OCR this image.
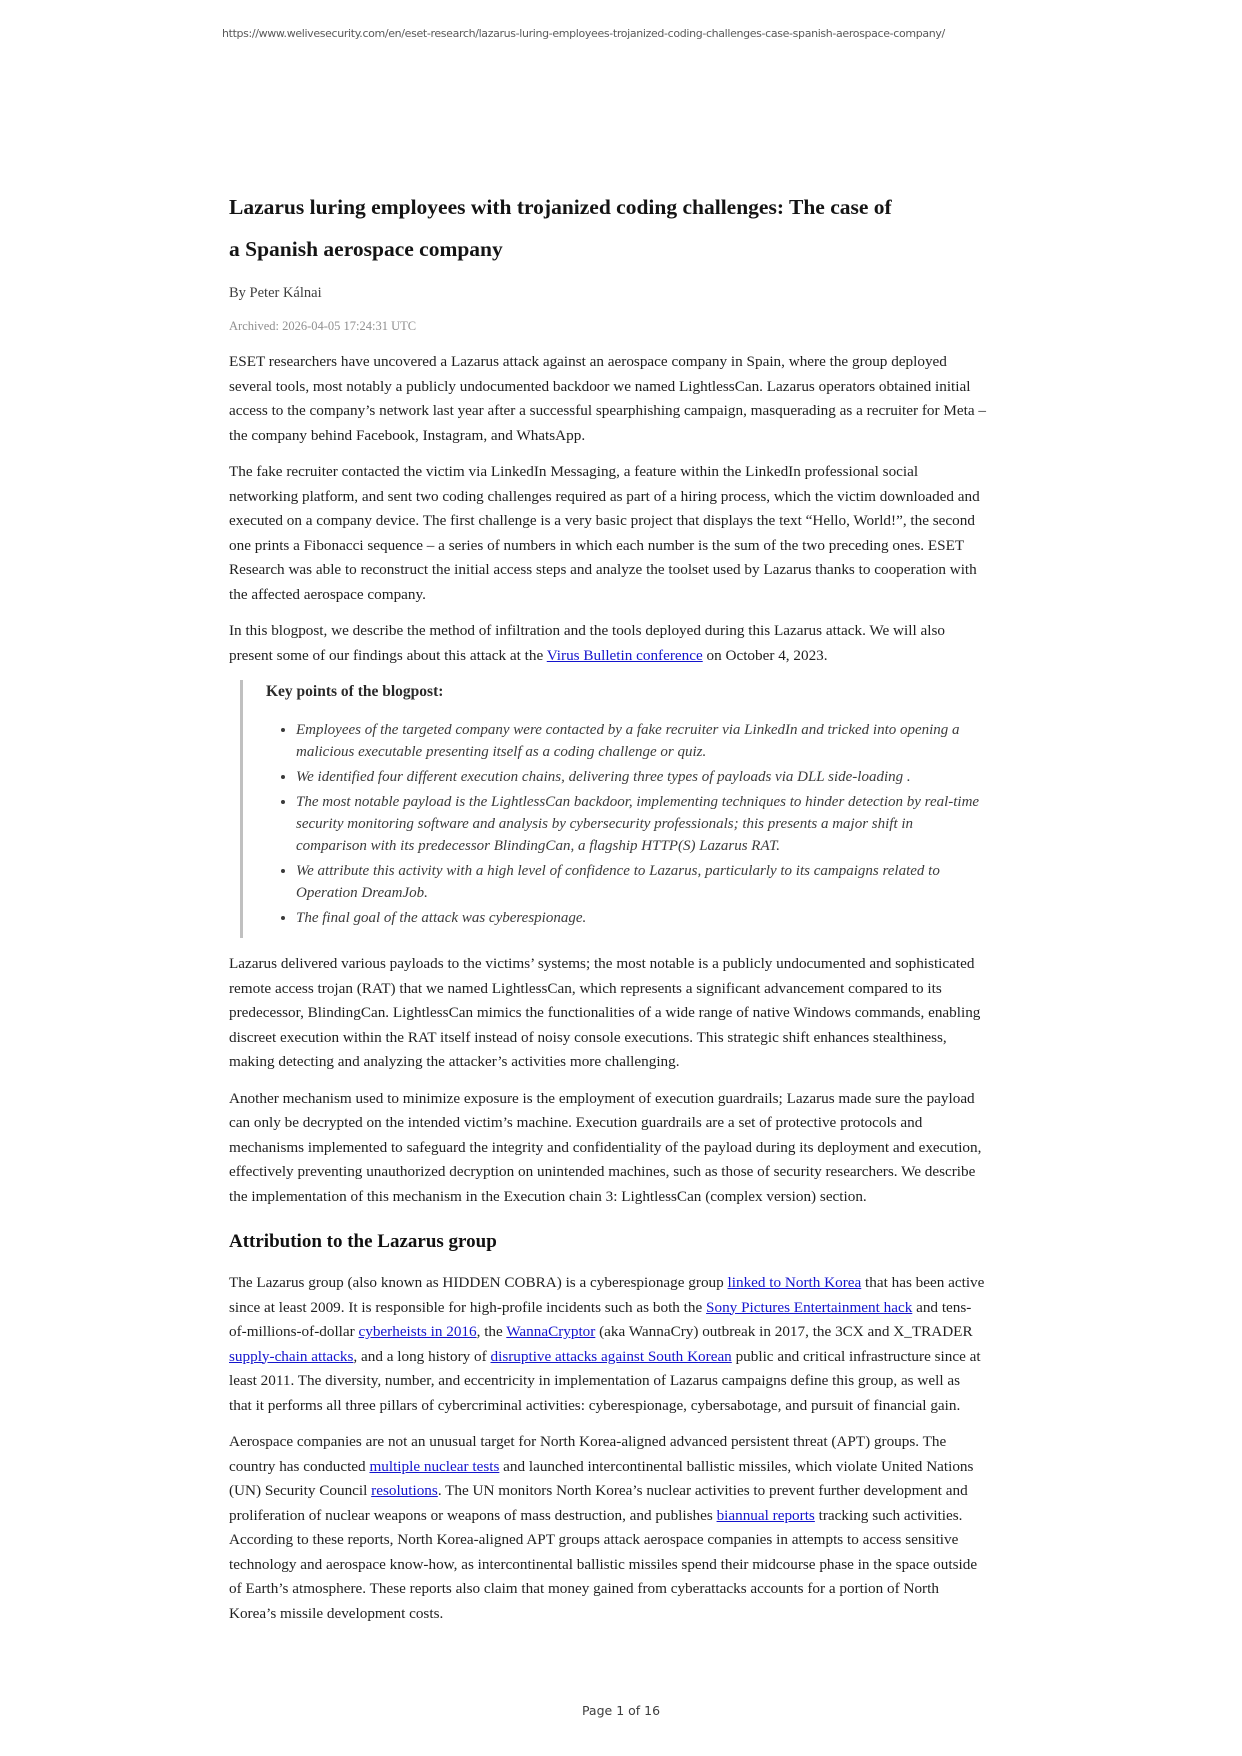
https://www.welivesecurity.com/en/eset-research/lazarus-luring-employees-trojanized-coding-challenges-case-spanish-aerospace-company/
Lazarus luring employees with trojanized coding challenges: The case of
a Spanish aerospace company

By Peter Kálnai

Archived: 2026-04-05 17:24:31 UTC

ESET researchers have uncovered a Lazarus attack against an aerospace company in Spain, where the group deployed several tools, most notably a publicly undocumented backdoor we named LightlessCan. Lazarus operators obtained initial access to the company’s network last year after a successful spearphishing campaign, masquerading as a recruiter for Meta – the company behind Facebook, Instagram, and WhatsApp.

The fake recruiter contacted the victim via LinkedIn Messaging, a feature within the LinkedIn professional social networking platform, and sent two coding challenges required as part of a hiring process, which the victim downloaded and executed on a company device. The first challenge is a very basic project that displays the text “Hello, World!”, the second one prints a Fibonacci sequence – a series of numbers in which each number is the sum of the two preceding ones. ESET Research was able to reconstruct the initial access steps and analyze the toolset used by Lazarus thanks to cooperation with the affected aerospace company.

In this blogpost, we describe the method of infiltration and the tools deployed during this Lazarus attack. We will also present some of our findings about this attack at the Virus Bulletin conference on October 4, 2023.

Key points of the blogpost:

• Employees of the targeted company were contacted by a fake recruiter via LinkedIn and tricked into opening a malicious executable presenting itself as a coding challenge or quiz.
• We identified four different execution chains, delivering three types of payloads via DLL side-loading .
• The most notable payload is the LightlessCan backdoor, implementing techniques to hinder detection by real-time security monitoring software and analysis by cybersecurity professionals; this presents a major shift in comparison with its predecessor BlindingCan, a flagship HTTP(S) Lazarus RAT.
• We attribute this activity with a high level of confidence to Lazarus, particularly to its campaigns related to Operation DreamJob.
• The final goal of the attack was cyberespionage.

Lazarus delivered various payloads to the victims’ systems; the most notable is a publicly undocumented and sophisticated remote access trojan (RAT) that we named LightlessCan, which represents a significant advancement compared to its predecessor, BlindingCan. LightlessCan mimics the functionalities of a wide range of native Windows commands, enabling discreet execution within the RAT itself instead of noisy console executions. This strategic shift enhances stealthiness, making detecting and analyzing the attacker’s activities more challenging.

Another mechanism used to minimize exposure is the employment of execution guardrails; Lazarus made sure the payload can only be decrypted on the intended victim’s machine. Execution guardrails are a set of protective protocols and mechanisms implemented to safeguard the integrity and confidentiality of the payload during its deployment and execution, effectively preventing unauthorized decryption on unintended machines, such as those of security researchers. We describe the implementation of this mechanism in the Execution chain 3: LightlessCan (complex version) section.

Attribution to the Lazarus group

The Lazarus group (also known as HIDDEN COBRA) is a cyberespionage group linked to North Korea that has been active since at least 2009. It is responsible for high-profile incidents such as both the Sony Pictures Entertainment hack and tens-of-millions-of-dollar cyberheists in 2016, the WannaCryptor (aka WannaCry) outbreak in 2017, the 3CX and X_TRADER supply-chain attacks, and a long history of disruptive attacks against South Korean public and critical infrastructure since at least 2011. The diversity, number, and eccentricity in implementation of Lazarus campaigns define this group, as well as that it performs all three pillars of cybercriminal activities: cyberespionage, cybersabotage, and pursuit of financial gain.

Aerospace companies are not an unusual target for North Korea-aligned advanced persistent threat (APT) groups. The country has conducted multiple nuclear tests and launched intercontinental ballistic missiles, which violate United Nations (UN) Security Council resolutions. The UN monitors North Korea’s nuclear activities to prevent further development and proliferation of nuclear weapons or weapons of mass destruction, and publishes biannual reports tracking such activities. According to these reports, North Korea-aligned APT groups attack aerospace companies in attempts to access sensitive technology and aerospace know-how, as intercontinental ballistic missiles spend their midcourse phase in the space outside of Earth’s atmosphere. These reports also claim that money gained from cyberattacks accounts for a portion of North Korea’s missile development costs.

Page 1 of 16
